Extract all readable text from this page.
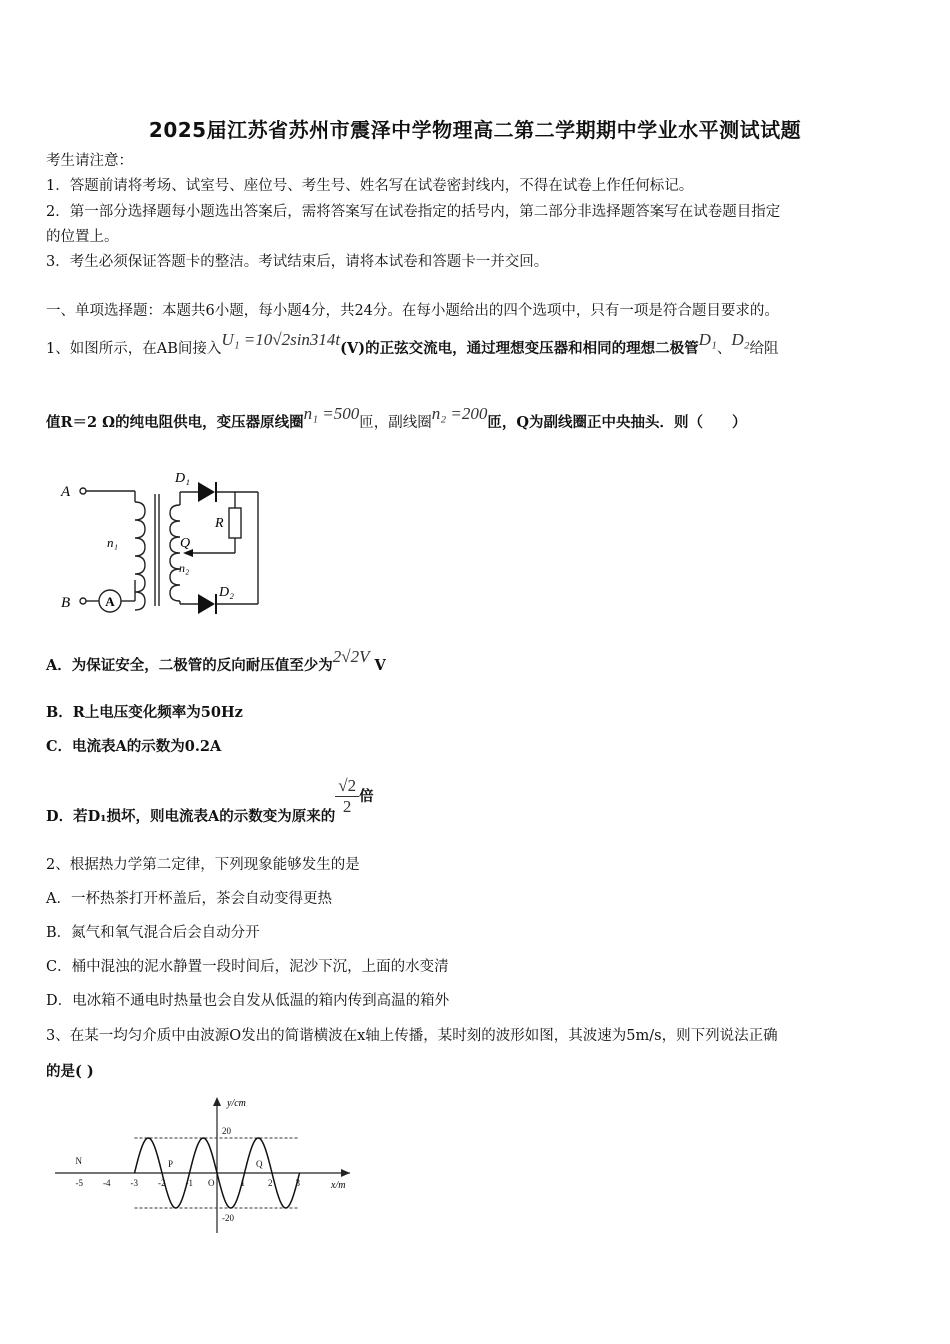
2025届江苏省苏州市震泽中学物理高二第二学期期中学业水平测试试题
考生请注意：
1．答题前请将考场、试室号、座位号、考生号、姓名写在试卷密封线内，不得在试卷上作任何标记。
2．第一部分选择题每小题选出答案后，需将答案写在试卷指定的括号内，第二部分非选择题答案写在试卷题目指定
的位置上。
3．考生必须保证答题卡的整洁。考试结束后，请将本试卷和答题卡一并交回。
一、单项选择题：本题共6小题，每小题4分，共24分。在每小题给出的四个选项中，只有一项是符合题目要求的。
1、如图所示，在AB间接入U₁ =10√2sin314t(V)的正弦交流电，通过理想变压器和相同的理想二极管D₁、D₂给阻
值R＝2 Ω的纯电阻供电，变压器原线圈n₁ =500匝，副线圈n₂ =200匝，Q为副线圈正中央抽头．则（　　）
A
B
D₁
D₂
R
Q
n₁
n₂
A
A．为保证安全，二极管的反向耐压值至少为2√2V V
B．R上电压变化频率为50Hz
C．电流表A的示数为0.2A
D．若D₁损坏，则电流表A的示数变为原来的 $\frac{√2}{2}$ 倍
2、根据热力学第二定律，下列现象能够发生的是
A．一杯热茶打开杯盖后，茶会自动变得更热
B．氮气和氧气混合后会自动分开
C．桶中混浊的泥水静置一段时间后，泥沙下沉，上面的水变清
D．电冰箱不通电时热量也会自发从低温的箱内传到高温的箱外
3、在某一均匀介质中由波源O发出的简谐横波在x轴上传播，某时刻的波形如图，其波速为5m/s，则下列说法正确
的是( )
-5 -4 -3 -2 -1 O	1	2	3
20
-20
N	P	Q
y/cm
x/m
